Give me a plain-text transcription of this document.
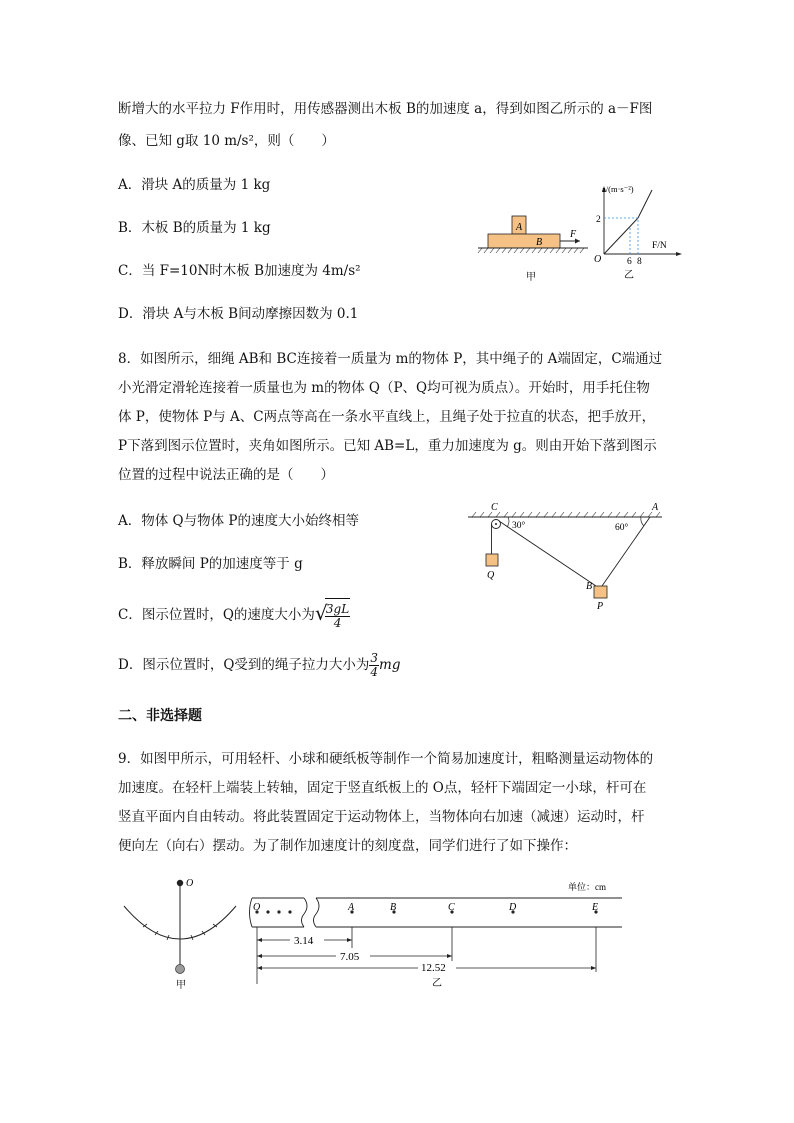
断增大的水平拉力 F作用时，用传感器测出木板 B的加速度 a，得到如图乙所示的 a－F图
像、已知 g取 10 m/s²，则（　　）
A．滑块 A的质量为 1 kg
B．木板 B的质量为 1 kg
C．当 F=10N时木板 B加速度为 4m/s²
D．滑块 A与木板 B间动摩擦因数为 0.1
A
B
F
甲
a/(m·s⁻²)
F/N
O
2
6 8
乙
8．如图所示，细绳 AB和 BC连接着一质量为 m的物体 P，其中绳子的 A端固定，C端通过
小光滑定滑轮连接着一质量也为 m的物体 Q（P、Q均可视为质点）。开始时，用手托住物
体 P，使物体 P与 A、C两点等高在一条水平直线上，且绳子处于拉直的状态，把手放开，
P下落到图示位置时，夹角如图所示。已知 AB=L，重力加速度为 g。则由开始下落到图示
位置的过程中说法正确的是（　　）
A．物体 Q与物体 P的速度大小始终相等
B．释放瞬间 P的加速度等于 g
C．图示位置时，Q的速度大小为 √
$\frac{3gL}{4}$
D．图示位置时，Q受到的绳子拉力大小为 $\frac{3}{4}$ mg
C	A
30°	60°
Q
B
P
二、非选择题
9．如图甲所示，可用轻杆、小球和硬纸板等制作一个简易加速度计，粗略测量运动物体的
加速度。在轻杆上端装上转轴，固定于竖直纸板上的 O点，轻杆下端固定一小球，杆可在
竖直平面内自由转动。将此装置固定于运动物体上，当物体向右加速（减速）运动时，杆
便向左（向右）摆动。为了制作加速度计的刻度盘，同学们进行了如下操作：
O
甲
单位：cm
O	A	B	C	D	E
3.14
7.05
12.52
乙
